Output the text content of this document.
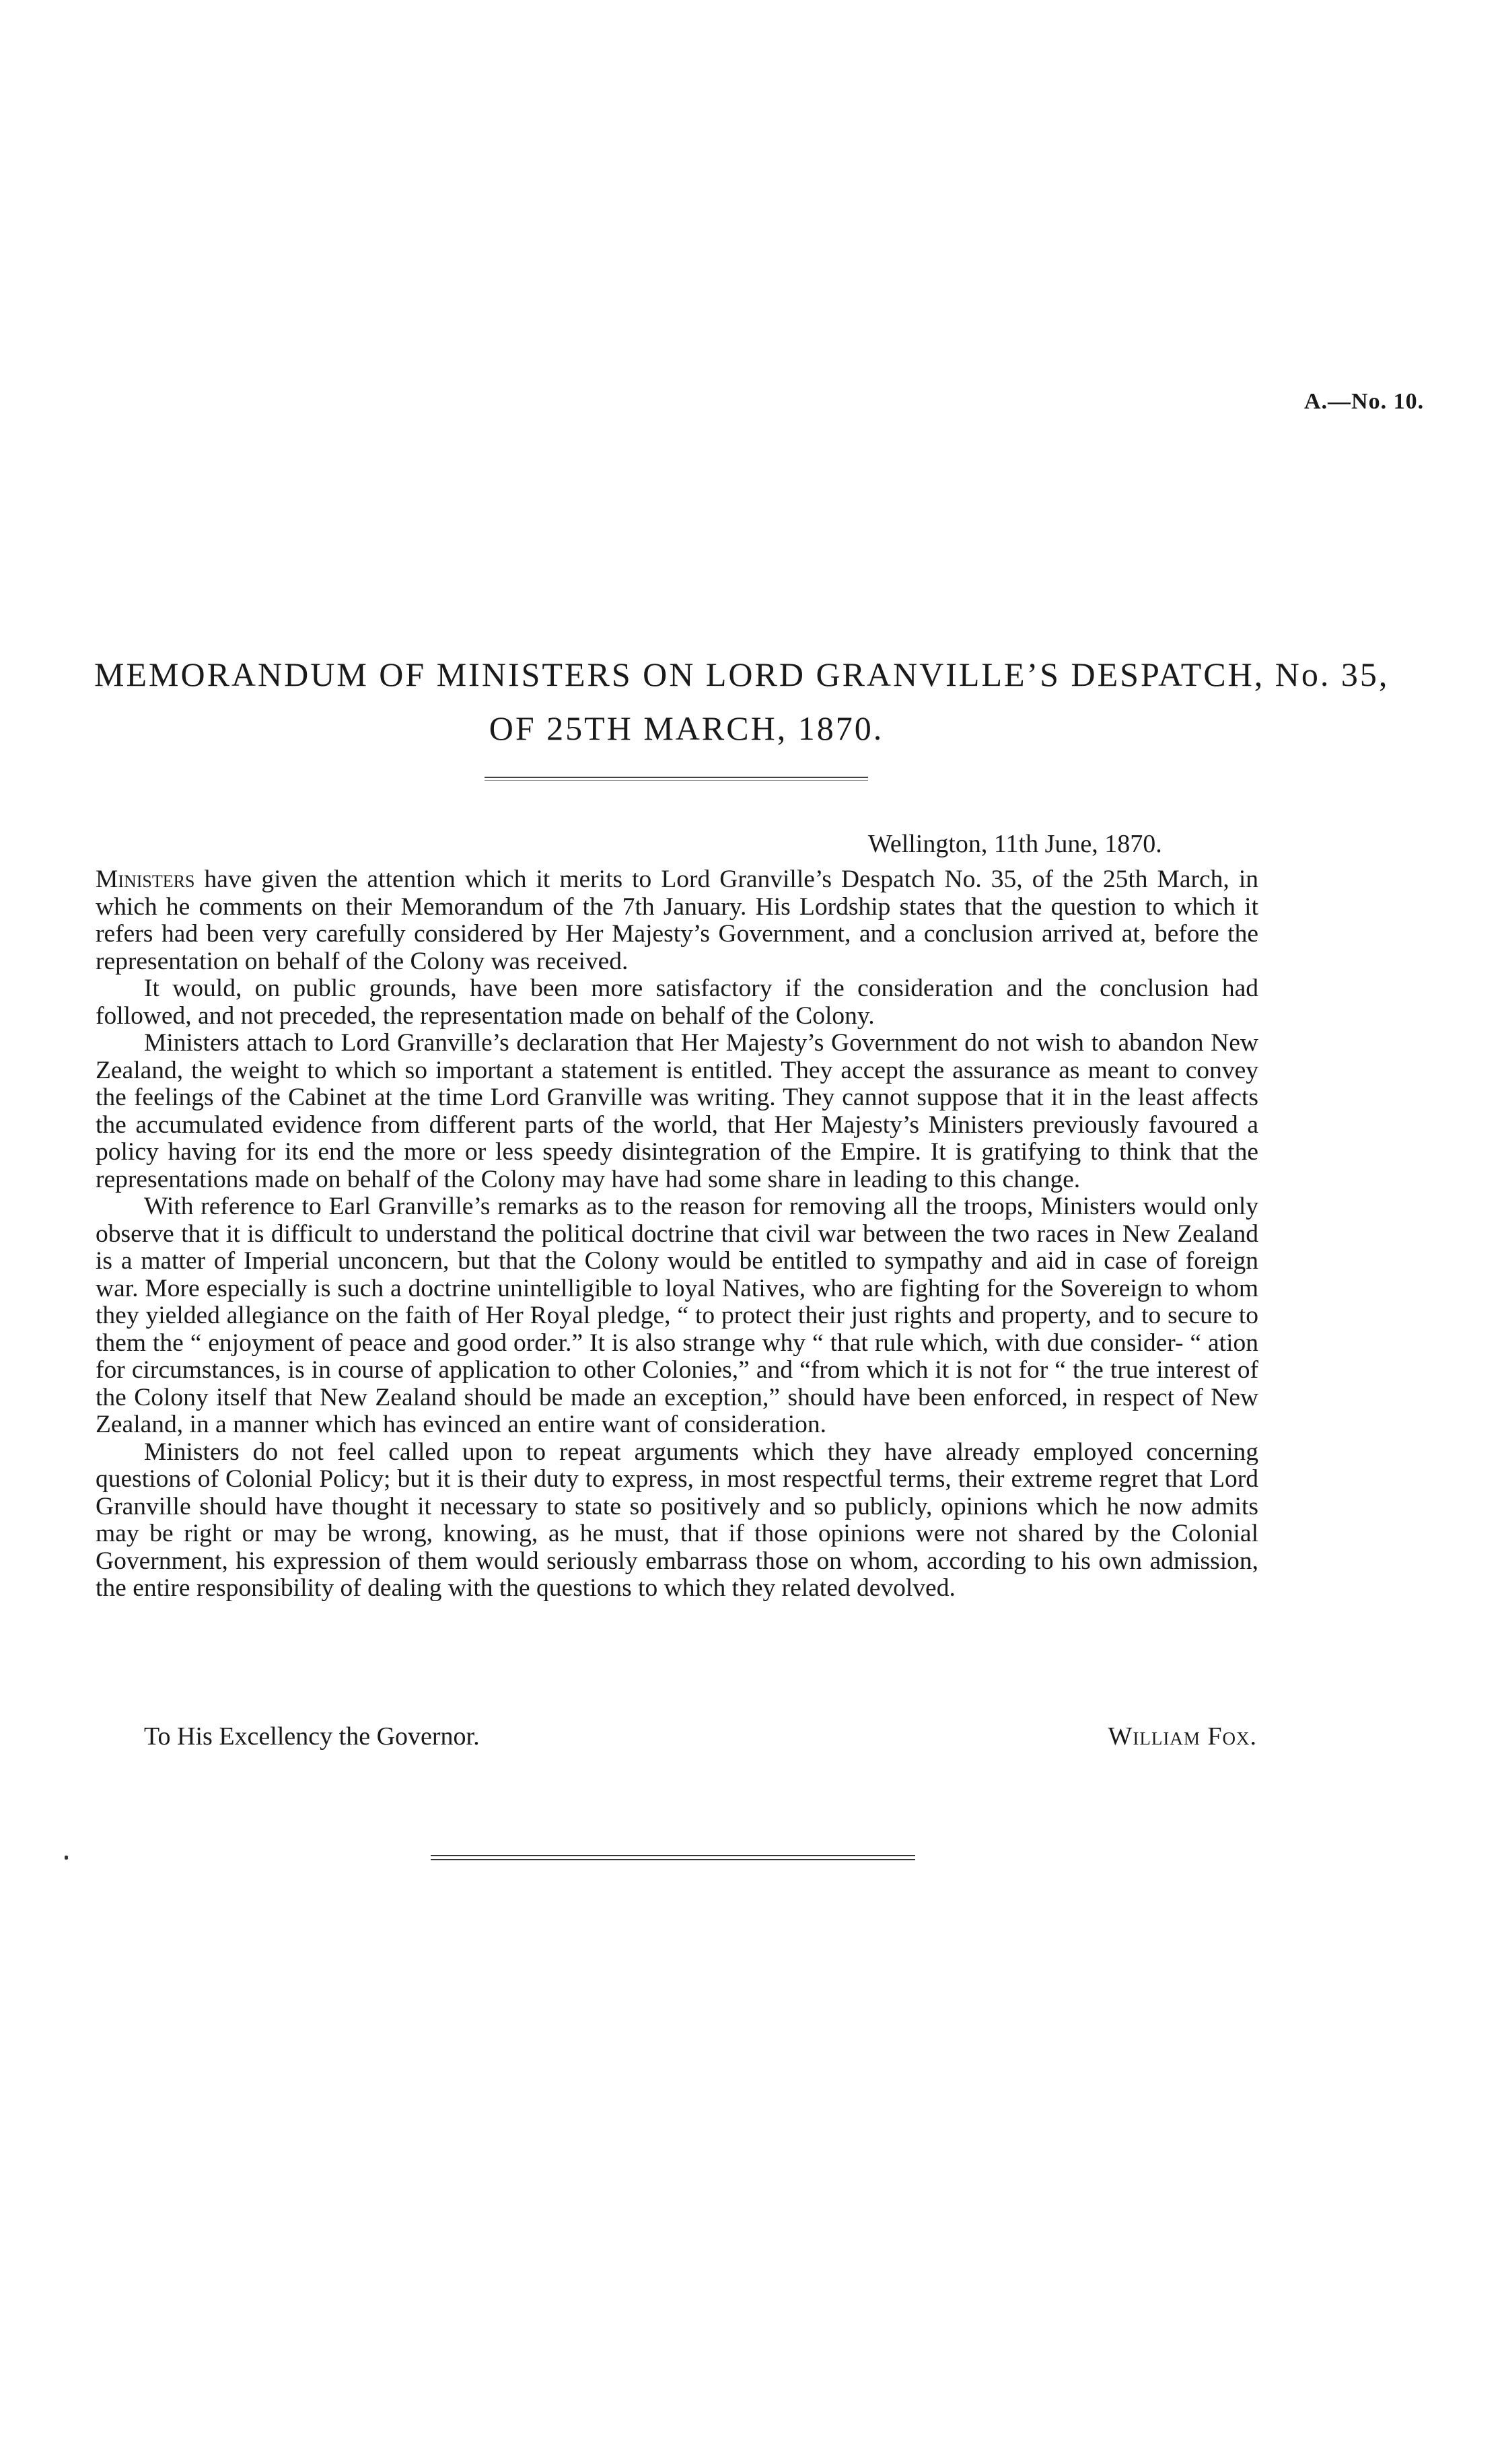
A.—No. 10.
MEMORANDUM OF MINISTERS ON LORD GRANVILLE’S DESPATCH, No. 35,
OF 25TH MARCH, 1870.
Wellington, 11th June, 1870.

Ministers have given the attention which it merits to Lord Granville’s Despatch No. 35, of the 25th March, in which he comments on their Memorandum of the 7th January. His Lordship states that the question to which it refers had been very carefully considered by Her Majesty’s Government, and a conclusion arrived at, before the representation on behalf of the Colony was received.

It would, on public grounds, have been more satisfactory if the consideration and the conclusion had followed, and not preceded, the representation made on behalf of the Colony.

Ministers attach to Lord Granville’s declaration that Her Majesty’s Government do not wish to abandon New Zealand, the weight to which so important a statement is entitled. They accept the assurance as meant to convey the feelings of the Cabinet at the time Lord Granville was writing. They cannot suppose that it in the least affects the accumulated evidence from different parts of the world, that Her Majesty’s Ministers previously favoured a policy having for its end the more or less speedy disintegration of the Empire. It is gratifying to think that the representations made on behalf of the Colony may have had some share in leading to this change.

With reference to Earl Granville’s remarks as to the reason for removing all the troops, Ministers would only observe that it is difficult to understand the political doctrine that civil war between the two races in New Zealand is a matter of Imperial unconcern, but that the Colony would be entitled to sympathy and aid in case of foreign war. More especially is such a doctrine unintelligible to loyal Natives, who are fighting for the Sovereign to whom they yielded allegiance on the faith of Her Royal pledge, “ to protect their just rights and property, and to secure to them the “ enjoyment of peace and good order.” It is also strange why “ that rule which, with due consider- “ ation for circumstances, is in course of application to other Colonies,” and “from which it is not for “ the true interest of the Colony itself that New Zealand should be made an exception,” should have been enforced, in respect of New Zealand, in a manner which has evinced an entire want of consideration.

Ministers do not feel called upon to repeat arguments which they have already employed concerning questions of Colonial Policy; but it is their duty to express, in most respectful terms, their extreme regret that Lord Granville should have thought it necessary to state so positively and so publicly, opinions which he now admits may be right or may be wrong, knowing, as he must, that if those opinions were not shared by the Colonial Government, his expression of them would seriously embarrass those on whom, according to his own admission, the entire responsibility of dealing with the questions to which they related devolved.

To His Excellency the Governor.	William Fox.
